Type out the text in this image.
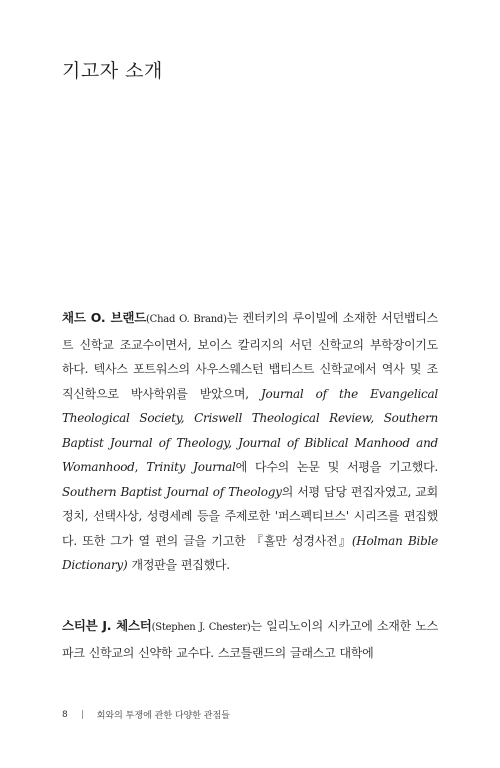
기고자 소개

채드 O. 브랜드(Chad O. Brand)는 켄터키의 루이빌에 소재한 서던뱁티스트 신학교 조교수이면서, 보이스 칼리지의 서던 신학교의 부학장이기도 하다. 텍사스 포트워스의 사우스웨스턴 뱁티스트 신학교에서 역사 및 조직신학으로 박사학위를 받았으며, Journal of the Evangelical Theological Society, Criswell Theological Review, Southern Baptist Journal of Theology, Journal of Biblical Manhood and Womanhood, Trinity Journal에 다수의 논문 및 서평을 기고했다. Southern Baptist Journal of Theology의 서평 담당 편집자였고, 교회정치, 선택사상, 성령세례 등을 주제로한 '퍼스펙티브스' 시리즈를 편집했다. 또한 그가 열 편의 글을 기고한 『홀만 성경사전』(Holman Bible Dictionary) 개정판을 편집했다.

스티븐 J. 체스터(Stephen J. Chester)는 일리노이의 시카고에 소재한 노스파크 신학교의 신약학 교수다. 스코틀랜드의 글래스고 대학에

8	회와의 투쟁에 관한 다양한 관점들
